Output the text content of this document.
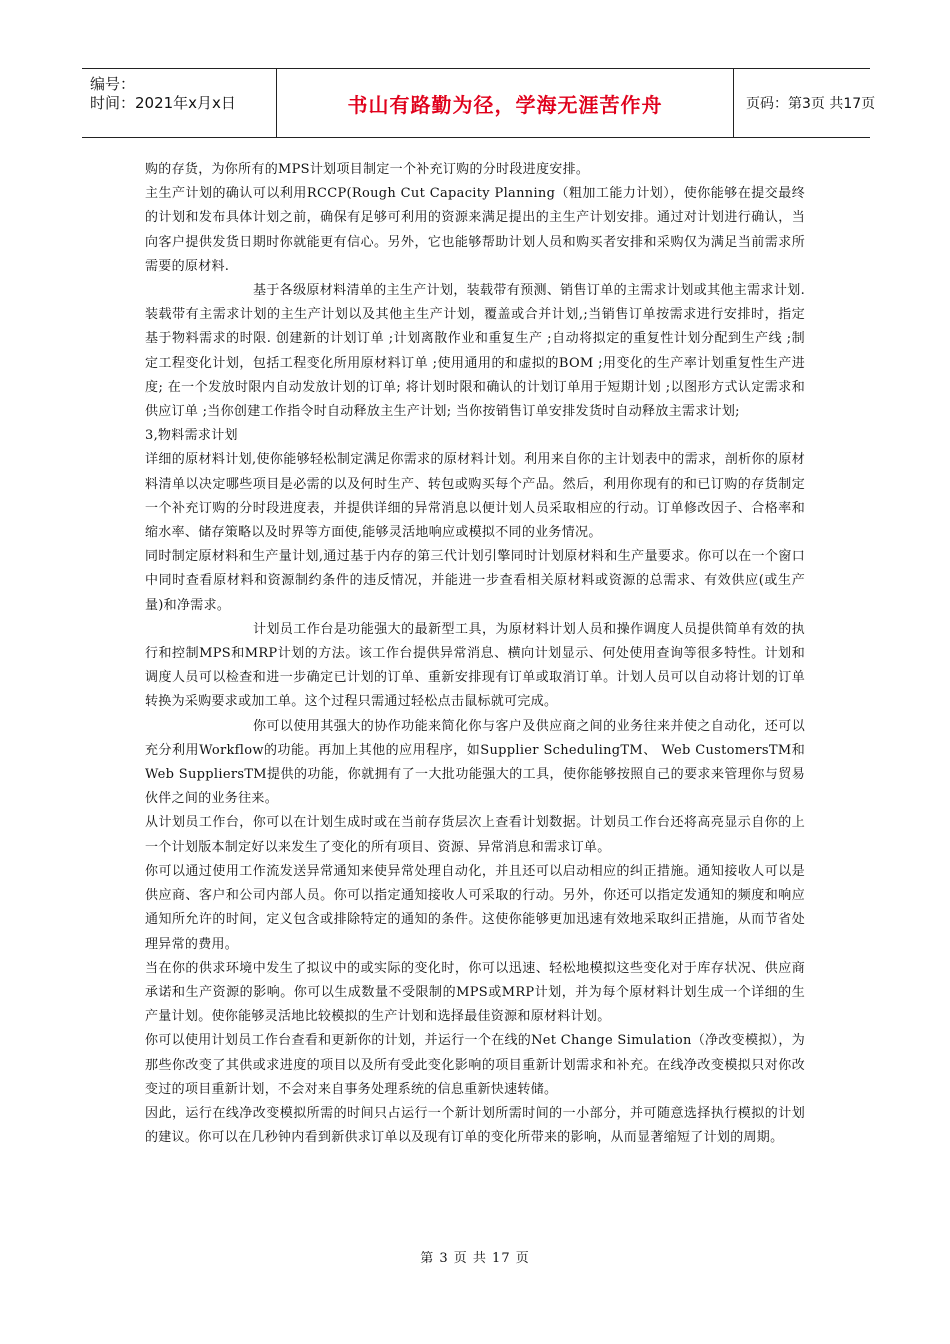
编号：
时间：2021年x月x日	书山有路勤为径，学海无涯苦作舟	页码：第3页 共17页

购的存货，为你所有的MPS计划项目制定一个补充订购的分时段进度安排。

主生产计划的确认可以利用RCCP(Rough Cut Capacity Planning（粗加工能力计划），使你能够在提交最终的计划和发布具体计划之前，确保有足够可利用的资源来满足提出的主生产计划安排。通过对计划进行确认，当向客户提供发货日期时你就能更有信心。另外，它也能够帮助计划人员和购买者安排和采购仅为满足当前需求所需要的原材料.

基于各级原材料清单的主生产计划，装载带有预测、销售订单的主需求计划或其他主需求计划.装载带有主需求计划的主生产计划以及其他主生产计划，覆盖或合并计划,;当销售订单按需求进行安排时，指定基于物料需求的时限. 创建新的计划订单 ;计划离散作业和重复生产 ;自动将拟定的重复性计划分配到生产线 ;制定工程变化计划，包括工程变化所用原材料订单 ;使用通用的和虚拟的BOM ;用变化的生产率计划重复性生产进度; 在一个发放时限内自动发放计划的订单; 将计划时限和确认的计划订单用于短期计划 ;以图形方式认定需求和供应订单 ;当你创建工作指令时自动释放主生产计划; 当你按销售订单安排发货时自动释放主需求计划;

3,物料需求计划

详细的原材料计划,使你能够轻松制定满足你需求的原材料计划。利用来自你的主计划表中的需求，剖析你的原材料清单以决定哪些项目是必需的以及何时生产、转包或购买每个产品。然后，利用你现有的和已订购的存货制定一个补充订购的分时段进度表，并提供详细的异常消息以便计划人员采取相应的行动。订单修改因子、合格率和缩水率、储存策略以及时界等方面使,能够灵活地响应或模拟不同的业务情况。

同时制定原材料和生产量计划,通过基于内存的第三代计划引擎同时计划原材料和生产量要求。你可以在一个窗口中同时查看原材料和资源制约条件的违反情况，并能进一步查看相关原材料或资源的总需求、有效供应(或生产量)和净需求。

计划员工作台是功能强大的最新型工具，为原材料计划人员和操作调度人员提供简单有效的执行和控制MPS和MRP计划的方法。该工作台提供异常消息、横向计划显示、何处使用查询等很多特性。计划和调度人员可以检查和进一步确定已计划的订单、重新安排现有订单或取消订单。计划人员可以自动将计划的订单转换为采购要求或加工单。这个过程只需通过轻松点击鼠标就可完成。

你可以使用其强大的协作功能来简化你与客户及供应商之间的业务往来并使之自动化，还可以充分利用Workflow的功能。再加上其他的应用程序，如Supplier SchedulingTM、 Web CustomersTM和Web SuppliersTM提供的功能，你就拥有了一大批功能强大的工具，使你能够按照自己的要求来管理你与贸易伙伴之间的业务往来。

从计划员工作台，你可以在计划生成时或在当前存货层次上查看计划数据。计划员工作台还将高亮显示自你的上一个计划版本制定好以来发生了变化的所有项目、资源、异常消息和需求订单。

你可以通过使用工作流发送异常通知来使异常处理自动化，并且还可以启动相应的纠正措施。通知接收人可以是供应商、客户和公司内部人员。你可以指定通知接收人可采取的行动。另外，你还可以指定发通知的频度和响应通知所允许的时间，定义包含或排除特定的通知的条件。这使你能够更加迅速有效地采取纠正措施，从而节省处理异常的费用。

当在你的供求环境中发生了拟议中的或实际的变化时，你可以迅速、轻松地模拟这些变化对于库存状况、供应商承诺和生产资源的影响。你可以生成数量不受限制的MPS或MRP计划，并为每个原材料计划生成一个详细的生产量计划。使你能够灵活地比较模拟的生产计划和选择最佳资源和原材料计划。

你可以使用计划员工作台查看和更新你的计划，并运行一个在线的Net Change Simulation（净改变模拟），为那些你改变了其供或求进度的项目以及所有受此变化影响的项目重新计划需求和补充。在线净改变模拟只对你改变过的项目重新计划，不会对来自事务处理系统的信息重新快速转储。

因此，运行在线净改变模拟所需的时间只占运行一个新计划所需时间的一小部分，并可随意选择执行模拟的计划的建议。你可以在几秒钟内看到新供求订单以及现有订单的变化所带来的影响，从而显著缩短了计划的周期。

第 3 页 共 17 页
